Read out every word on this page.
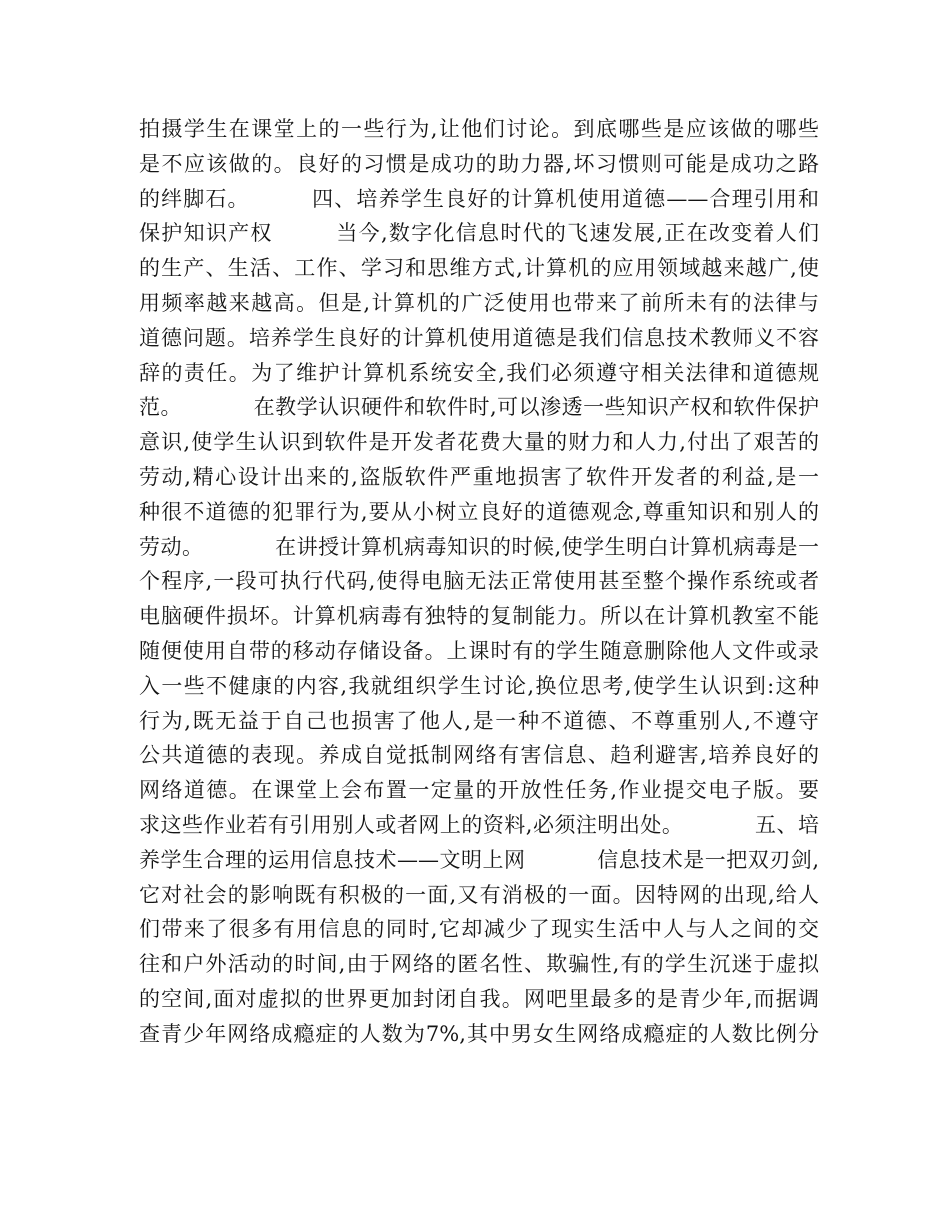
拍摄学生在课堂上的一些行为,让他们讨论。到底哪些是应该做的哪些
是不应该做的。良好的习惯是成功的助力器,坏习惯则可能是成功之路
的绊脚石。        四、培养学生良好的计算机使用道德——合理引用和
保护知识产权        当今,数字化信息时代的飞速发展,正在改变着人们
的生产、生活、工作、学习和思维方式,计算机的应用领域越来越广,使
用频率越来越高。但是,计算机的广泛使用也带来了前所未有的法律与
道德问题。培养学生良好的计算机使用道德是我们信息技术教师义不容
辞的责任。为了维护计算机系统安全,我们必须遵守相关法律和道德规
范。          在教学认识硬件和软件时,可以渗透一些知识产权和软件保护
意识,使学生认识到软件是开发者花费大量的财力和人力,付出了艰苦的
劳动,精心设计出来的,盗版软件严重地损害了软件开发者的利益,是一
种很不道德的犯罪行为,要从小树立良好的道德观念,尊重知识和别人的
劳动。          在讲授计算机病毒知识的时候,使学生明白计算机病毒是一
个程序,一段可执行代码,使得电脑无法正常使用甚至整个操作系统或者
电脑硬件损坏。计算机病毒有独特的复制能力。所以在计算机教室不能
随便使用自带的移动存储设备。上课时有的学生随意删除他人文件或录
入一些不健康的内容,我就组织学生讨论,换位思考,使学生认识到:这种
行为,既无益于自己也损害了他人,是一种不道德、不尊重别人,不遵守
公共道德的表现。养成自觉抵制网络有害信息、趋利避害,培养良好的
网络道德。在课堂上会布置一定量的开放性任务,作业提交电子版。要
求这些作业若有引用别人或者网上的资料,必须注明出处。          五、培
养学生合理的运用信息技术——文明上网          信息技术是一把双刃剑,
它对社会的影响既有积极的一面,又有消极的一面。因特网的出现,给人
们带来了很多有用信息的同时,它却减少了现实生活中人与人之间的交
往和户外活动的时间,由于网络的匿名性、欺骗性,有的学生沉迷于虚拟
的空间,面对虚拟的世界更加封闭自我。网吧里最多的是青少年,而据调
查青少年网络成瘾症的人数为7%,其中男女生网络成瘾症的人数比例分
